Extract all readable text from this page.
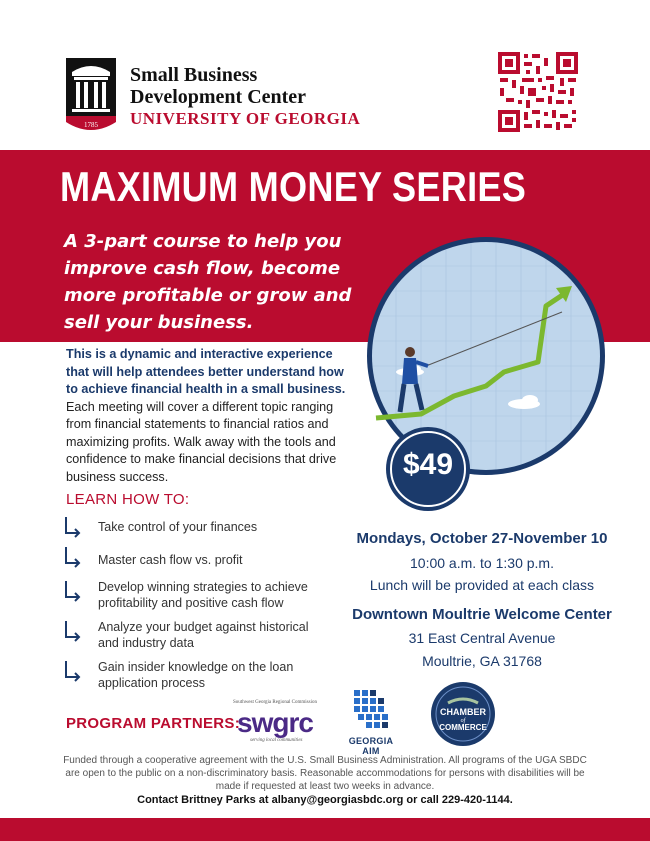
1785
Small Business
Development Center
UNIVERSITY OF GEORGIA
MAXIMUM MONEY SERIES
A 3-part course to help you improve cash flow, become more profitable or grow and sell your business.
$49
This is a dynamic and interactive experience that will help attendees better understand how to achieve financial health in a small business. Each meeting will cover a different topic ranging from financial statements to financial ratios and maximizing profits. Walk away with the tools and confidence to make financial decisions that drive business success.
LEARN HOW TO:
Take control of your finances
Master cash flow vs. profit
Develop winning strategies to achieve profitability and positive cash flow
Analyze your budget against historical and industry data
Gain insider knowledge on the loan application process
Mondays, October 27-November 10
10:00 a.m. to 1:30 p.m.
Lunch will be provided at each class
Downtown Moultrie Welcome Center
31 East Central Avenue
Moultrie, GA 31768
PROGRAM PARTNERS:
Southwest Georgia Regional Commission
swgrc
serving local communities	GEORGIA AIM
CHAMBER
of
COMMERCE
Funded through a cooperative agreement with the U.S. Small Business Administration. All programs of the UGA SBDC are open to the public on a non-discriminatory basis. Reasonable accommodations for persons with disabilities will be made if requested at least two weeks in advance.
Contact Brittney Parks at albany@georgiasbdc.org or call 229-420-1144.
